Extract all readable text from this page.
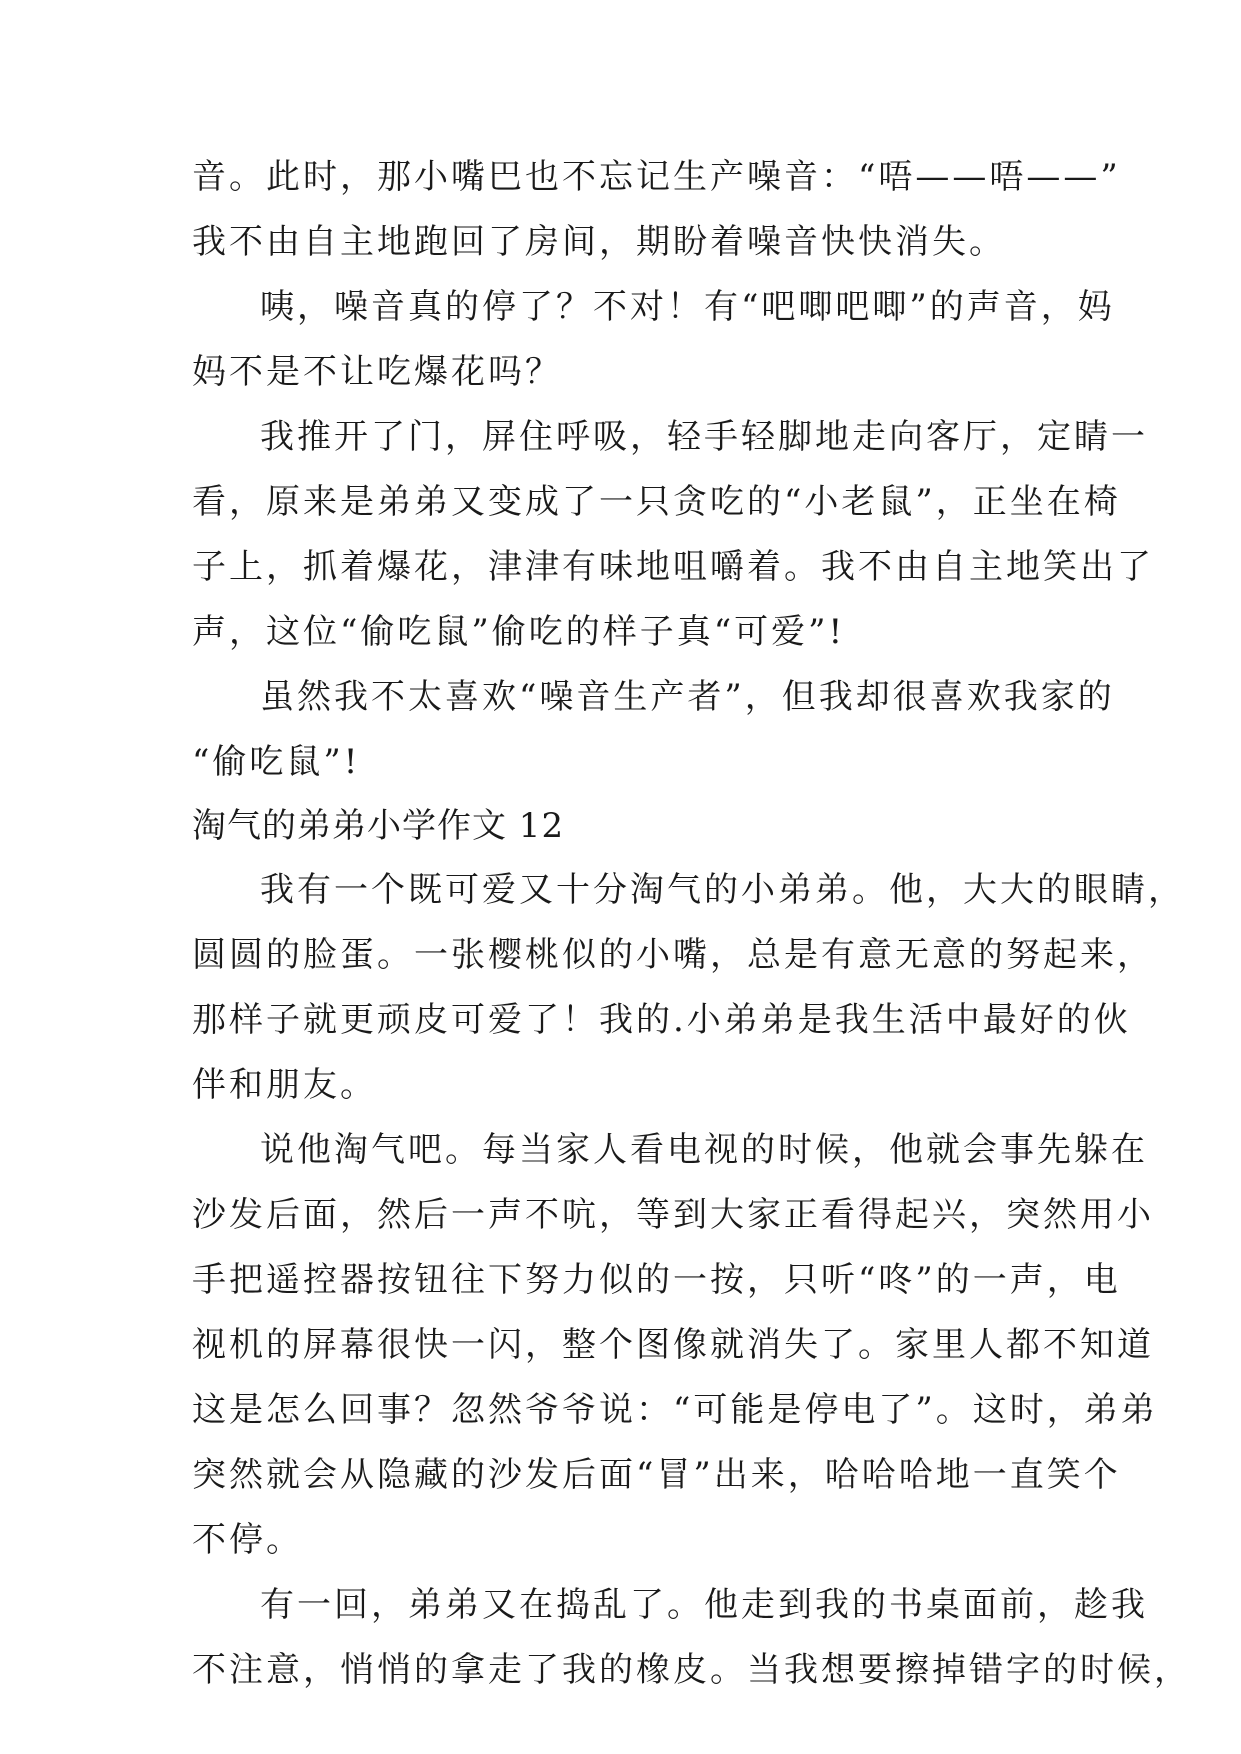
音。此时，那小嘴巴也不忘记生产噪音：“唔——唔——”
我不由自主地跑回了房间，期盼着噪音快快消失。
咦，噪音真的停了？不对！有“吧唧吧唧”的声音，妈
妈不是不让吃爆花吗？
我推开了门，屏住呼吸，轻手轻脚地走向客厅，定睛一
看，原来是弟弟又变成了一只贪吃的“小老鼠”，正坐在椅
子上，抓着爆花，津津有味地咀嚼着。我不由自主地笑出了
声，这位“偷吃鼠”偷吃的样子真“可爱”!
虽然我不太喜欢“噪音生产者”，但我却很喜欢我家的
“偷吃鼠”!
淘气的弟弟小学作文 12
我有一个既可爱又十分淘气的小弟弟。他，大大的眼睛，
圆圆的脸蛋。一张樱桃似的小嘴，总是有意无意的努起来，
那样子就更顽皮可爱了！我的.小弟弟是我生活中最好的伙
伴和朋友。
说他淘气吧。每当家人看电视的时候，他就会事先躲在
沙发后面，然后一声不吭，等到大家正看得起兴，突然用小
手把遥控器按钮往下努力似的一按，只听“咚”的一声，电
视机的屏幕很快一闪，整个图像就消失了。家里人都不知道
这是怎么回事？忽然爷爷说：“可能是停电了”。这时，弟弟
突然就会从隐藏的沙发后面“冒”出来，哈哈哈地一直笑个
不停。
有一回，弟弟又在捣乱了。他走到我的书桌面前，趁我
不注意，悄悄的拿走了我的橡皮。当我想要擦掉错字的时候，
